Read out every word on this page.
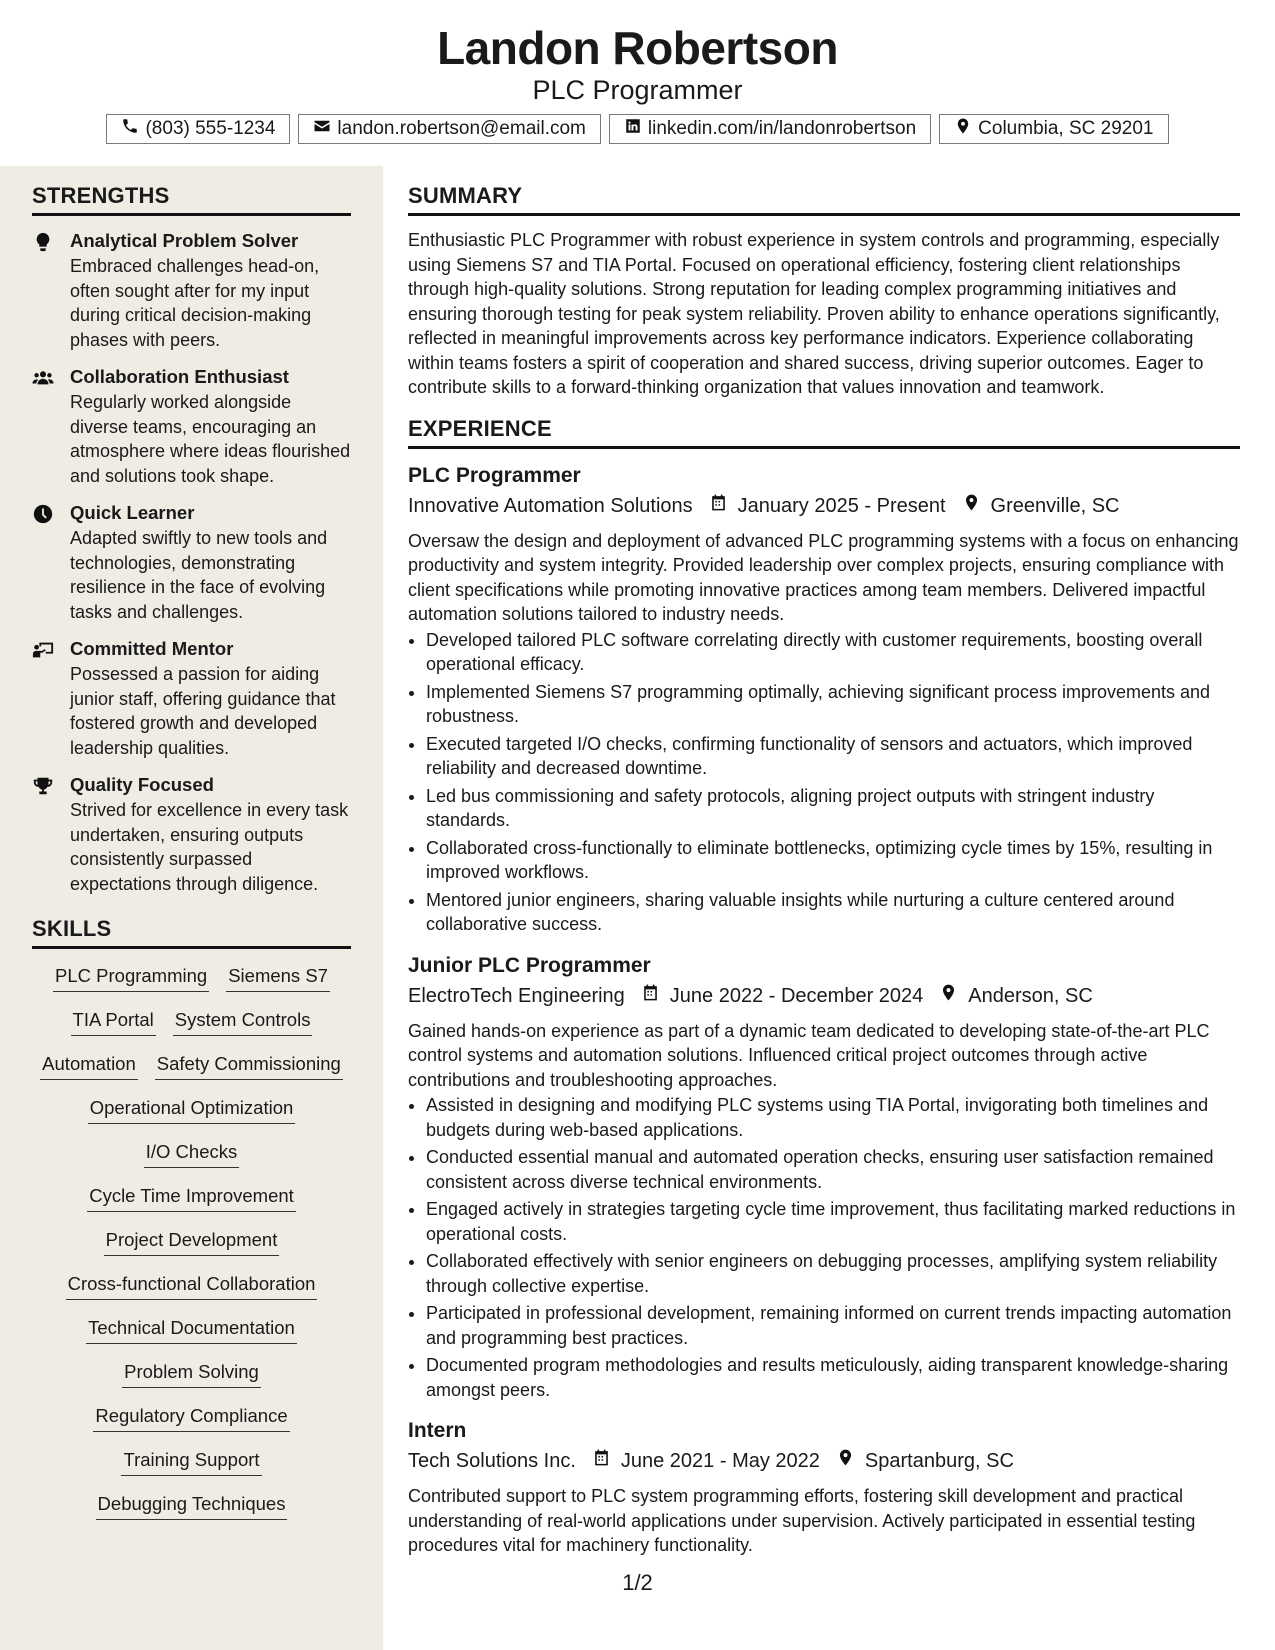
Landon Robertson
PLC Programmer
(803) 555-1234	landon.robertson@email.com	linkedin.com/in/landonrobertson	Columbia, SC 29201
STRENGTHS
Analytical Problem Solver
Embraced challenges head-on, often sought after for my input during critical decision-making phases with peers.
Collaboration Enthusiast
Regularly worked alongside diverse teams, encouraging an atmosphere where ideas flourished and solutions took shape.
Quick Learner
Adapted swiftly to new tools and technologies, demonstrating resilience in the face of evolving tasks and challenges.
Committed Mentor
Possessed a passion for aiding junior staff, offering guidance that fostered growth and developed leadership qualities.
Quality Focused
Strived for excellence in every task undertaken, ensuring outputs consistently surpassed expectations through diligence.
SKILLS
PLC Programming Siemens S7
TIA Portal System Controls
Automation Safety Commissioning
Operational Optimization
I/O Checks
Cycle Time Improvement
Project Development
Cross-functional Collaboration
Technical Documentation
Problem Solving
Regulatory Compliance
Training Support
Debugging Techniques
SUMMARY
Enthusiastic PLC Programmer with robust experience in system controls and programming, especially using Siemens S7 and TIA Portal. Focused on operational efficiency, fostering client relationships through high-quality solutions. Strong reputation for leading complex programming initiatives and ensuring thorough testing for peak system reliability. Proven ability to enhance operations significantly, reflected in meaningful improvements across key performance indicators. Experience collaborating within teams fosters a spirit of cooperation and shared success, driving superior outcomes. Eager to contribute skills to a forward-thinking organization that values innovation and teamwork.
EXPERIENCE
PLC Programmer
Innovative Automation Solutions January 2025 - Present Greenville, SC
Oversaw the design and deployment of advanced PLC programming systems with a focus on enhancing productivity and system integrity. Provided leadership over complex projects, ensuring compliance with client specifications while promoting innovative practices among team members. Delivered impactful automation solutions tailored to industry needs.
• Developed tailored PLC software correlating directly with customer requirements, boosting overall operational efficacy.
• Implemented Siemens S7 programming optimally, achieving significant process improvements and robustness.
• Executed targeted I/O checks, confirming functionality of sensors and actuators, which improved reliability and decreased downtime.
• Led bus commissioning and safety protocols, aligning project outputs with stringent industry standards.
• Collaborated cross-functionally to eliminate bottlenecks, optimizing cycle times by 15%, resulting in improved workflows.
• Mentored junior engineers, sharing valuable insights while nurturing a culture centered around collaborative success.
Junior PLC Programmer
ElectroTech Engineering June 2022 - December 2024 Anderson, SC
Gained hands-on experience as part of a dynamic team dedicated to developing state-of-the-art PLC control systems and automation solutions. Influenced critical project outcomes through active contributions and troubleshooting approaches.
• Assisted in designing and modifying PLC systems using TIA Portal, invigorating both timelines and budgets during web-based applications.
• Conducted essential manual and automated operation checks, ensuring user satisfaction remained consistent across diverse technical environments.
• Engaged actively in strategies targeting cycle time improvement, thus facilitating marked reductions in operational costs.
• Collaborated effectively with senior engineers on debugging processes, amplifying system reliability through collective expertise.
• Participated in professional development, remaining informed on current trends impacting automation and programming best practices.
• Documented program methodologies and results meticulously, aiding transparent knowledge-sharing amongst peers.
Intern
Tech Solutions Inc. June 2021 - May 2022 Spartanburg, SC
Contributed support to PLC system programming efforts, fostering skill development and practical understanding of real-world applications under supervision. Actively participated in essential testing procedures vital for machinery functionality.
1/2
